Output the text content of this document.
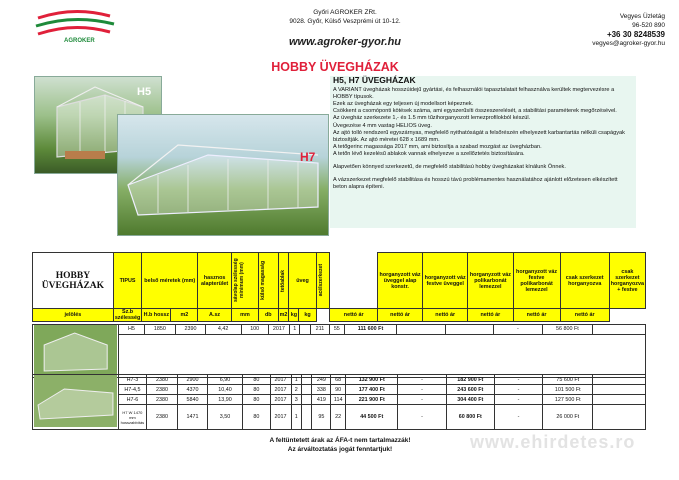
AGROKER
Győri AGROKER ZRt.
9028. Győr, Külső Veszprémi út 10-12.
www.agroker-gyor.hu
Vegyes Üzletág
96-520 890
+36 30 8248539
vegyes@agroker-gyor.hu
HOBBY ÜVEGHÁZAK
H5
H7
H5, H7 ÜVEGHÁZAK

A VARIANT üvegházak hosszúidejű gyártási, és felhasználói tapasztalatait felhasználva kerültek megtervezésre a HOBBY típusok.

Ezek az üvegházak egy teljesen új modellsort képeznek.

Csökkent a csomóponti kötések száma, ami egyszerűsíti összeszerelését, a stabilitási paraméterek megőrzésével.

Az üvegház szerkezete 1,- és 1.5 mm tűzihorganyozott lemezprofilokból készül.

Üvegezése 4 mm vastag HELIOS üveg.

Az ajtó tolló rendszerű egyszárnyas, megfelelő nyithatóságát a felsőrészén elhelyezett karbantartás nélküli csapágyak biztosítják. Az ajtó méretei 628 x 1689 mm.

A tetőgerinc magassága 2017 mm, ami biztosítja a szabad mozgást az üvegházban.

A tetőn lévő kezelésű ablakok vannak elhelyezve a szellőztetés biztosítására.

Alapvetően könnyed szerkezetű, de megfelelő stabilitású hobby üvegházakat kínálunk Önnek.

A vázszerkezet megfelelő stabilitása és hosszú távú problémamentes használatához ajánlott előzetesen elkészített beton alapra építeni.

HOBBY ÜVEGHÁZAK	TIPUS	belső méretek (mm)		hasznos alapterület	sávolap szélesség minimum (mm)	külső magasság	tetőablak	üveg		acélszerkezet		horganyzott váz üveggel alap konstr.	horganyzott váz festve üveggel	horganyzott váz polikarbonát lemezzel	horganyzott váz festve polikarbonát lemezzel	csak szerkezet horganyozva	csak szerkezet horganyozva + festve
jelölés	Sz.b szélesség	H.b hossz	m2	A.sz	mm	db	m2	kg	kg		nettó ár	nettó ár	nettó ár	nettó ár	nettó ár	nettó ár	
	H5	1850	2390	4,42	100	2017	1		211	55	111 600 Ft			-	56 800 Ft	

	H7-3	2380	2900	6,90	80	2017	1		249	68	132 900 Ft	-	182 900 Ft	-	75 600 Ft	
	H7-4,5	2380	4370	10,40	80	2017	2		338	90	177 400 Ft	-	243 600 Ft	-	101 500 Ft	
	H7-6	2380	5840	13,90	80	2017	3		419	114	221 900 Ft	-	304 400 Ft	-	127 500 Ft	
	H7 W 1470 mm hosszabbítás	2380	1471	3,50	80	2017	1		95	22	44 500 Ft	-	60 800 Ft	-	26 000 Ft	
A feltüntetett árak az ÁFA-t nem tartalmazzák!
Az árváltoztatás jogát fenntartjuk!	www.ehirdetes.ro
